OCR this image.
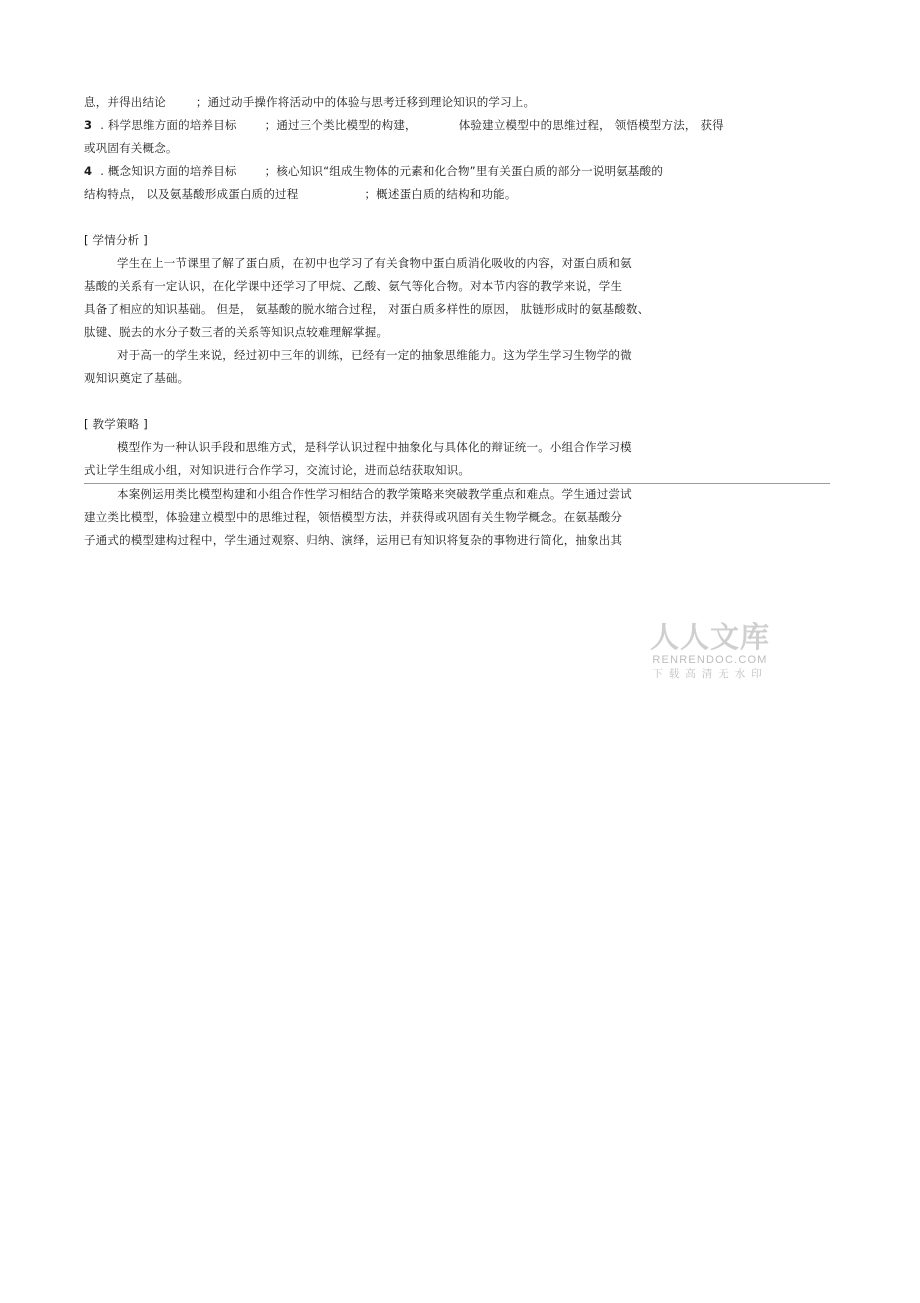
息，并得出结论	；通过动手操作将活动中的体验与思考迁移到理论知识的学习上。
3 . 科学思维方面的培养目标 ；通过三个类比模型的构建，	体验建立模型中的思维过程， 领悟模型方法， 获得
或巩固有关概念。
4 . 概念知识方面的培养目标 ；核心知识“组成生物体的元素和化合物”里有关蛋白质的部分一说明氨基酸的
结构特点， 以及氨基酸形成蛋白质的过程	；概述蛋白质的结构和功能。
[ 学情分析 ]
学生在上一节课里了解了蛋白质，在初中也学习了有关食物中蛋白质消化吸收的内容，对蛋白质和氨
基酸的关系有一定认识，在化学课中还学习了甲烷、乙酸、氨气等化合物。对本节内容的教学来说，学生
具备了相应的知识基础。 但是， 氨基酸的脱水缩合过程， 对蛋白质多样性的原因， 肽链形成时的氨基酸数、
肽键、脱去的水分子数三者的关系等知识点较难理解掌握。
对于高一的学生来说，经过初中三年的训练，已经有一定的抽象思维能力。这为学生学习生物学的微
观知识奠定了基础。
[ 教学策略 ]
模型作为一种认识手段和思维方式，是科学认识过程中抽象化与具体化的辩证统一。小组合作学习模
式让学生组成小组，对知识进行合作学习，交流讨论，进而总结获取知识。
本案例运用类比模型构建和小组合作性学习相结合的教学策略来突破教学重点和难点。学生通过尝试
建立类比模型，体验建立模型中的思维过程，领悟模型方法，并获得或巩固有关生物学概念。在氨基酸分
子通式的模型建构过程中，学生通过观察、归纳、演绎，运用已有知识将复杂的事物进行简化，抽象出其
人人文库
RENRENDOC.COM
下载高清无水印
